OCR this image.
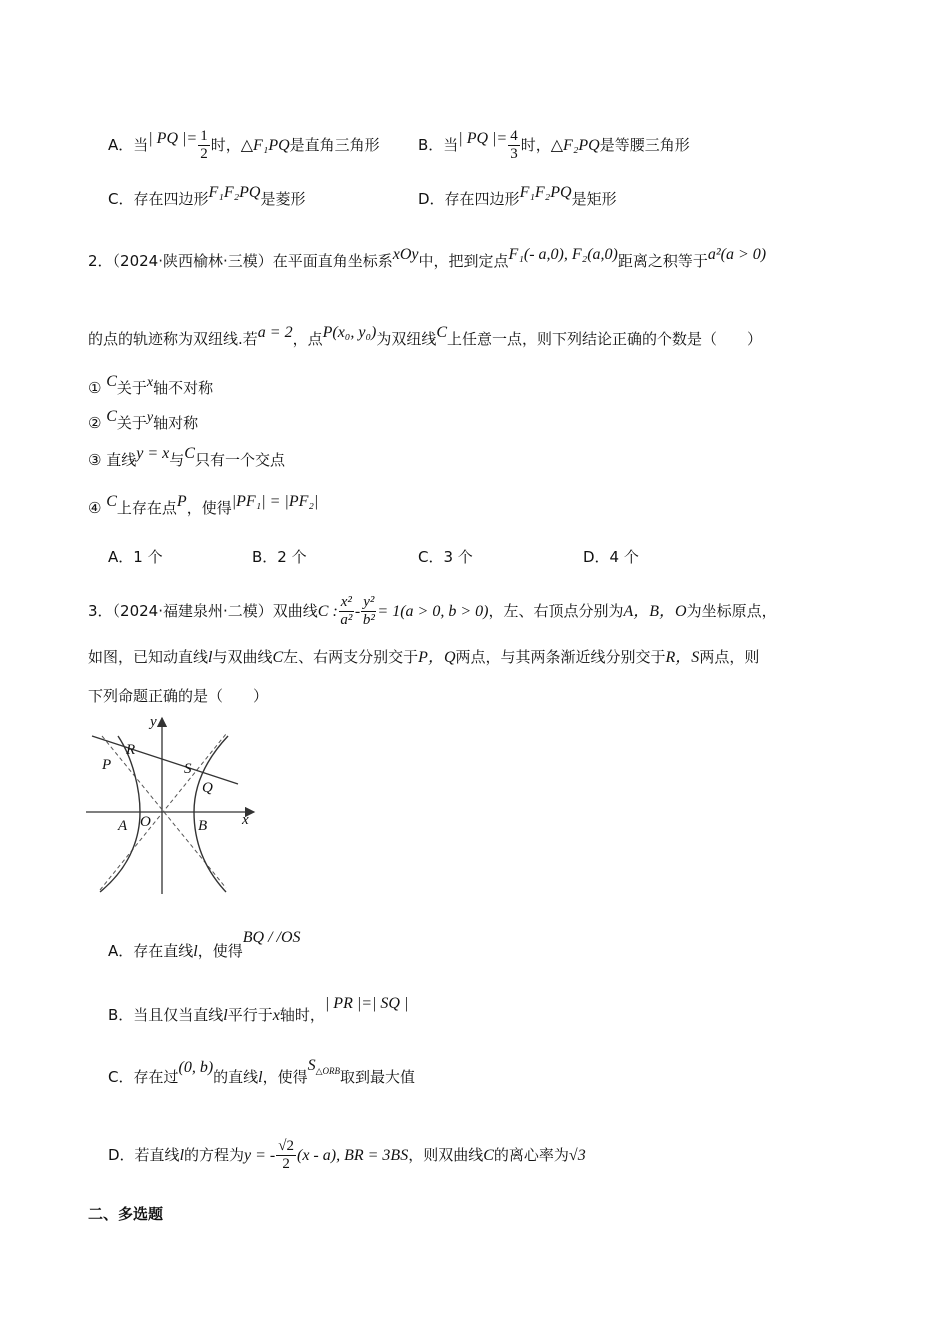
A．当| PQ |= $\frac{1}{2}$ 时，△F₁PQ是直角三角形	B．当| PQ |= $\frac{4}{3}$ 时，△F₂PQ是等腰三角形
C．存在四边形F₁F₂PQ是菱形	D．存在四边形F₁F₂PQ是矩形
2．（2024·陕西榆林·三模）在平面直角坐标系xOy中，把到定点F₁(- a,0), F₂(a,0)距离之积等于a²(a > 0)
的点的轨迹称为双纽线.若a = 2，点P(x₀, y₀)为双纽线C上任意一点，则下列结论正确的个数是（　　）
① C关于x轴不对称
② C关于y轴对称
③ 直线y = x与C只有一个交点
④ C上存在点P，使得|PF₁| = |PF₂|
A．1 个	B．2 个	C．3 个	D．4 个
3．（2024·福建泉州·二模）双曲线C : $\frac{\text{x²}}{\text{a²}} - \frac{\text{y²}}{\text{b²}} = 1(a > 0$, b > 0)，左、右顶点分别为A，B，O为坐标原点，
如图，已知动直线l与双曲线C左、右两支分别交于P，Q两点，与其两条渐近线分别交于R，S两点，则
下列命题正确的是（　　）
y
x
R
P	S
Q
A O	B
A．存在直线l，使得BQ / /OS
B．当且仅当直线l平行于x轴时，| PR |=| SQ |
C．存在过(0, b)的直线l，使得$S^{\triangle ORB}$取到最大值
D．若直线l的方程为y = - $\frac{√2}{2} (x - a)$, BR = 3BS，则双曲线C的离心率为√3
二、多选题
